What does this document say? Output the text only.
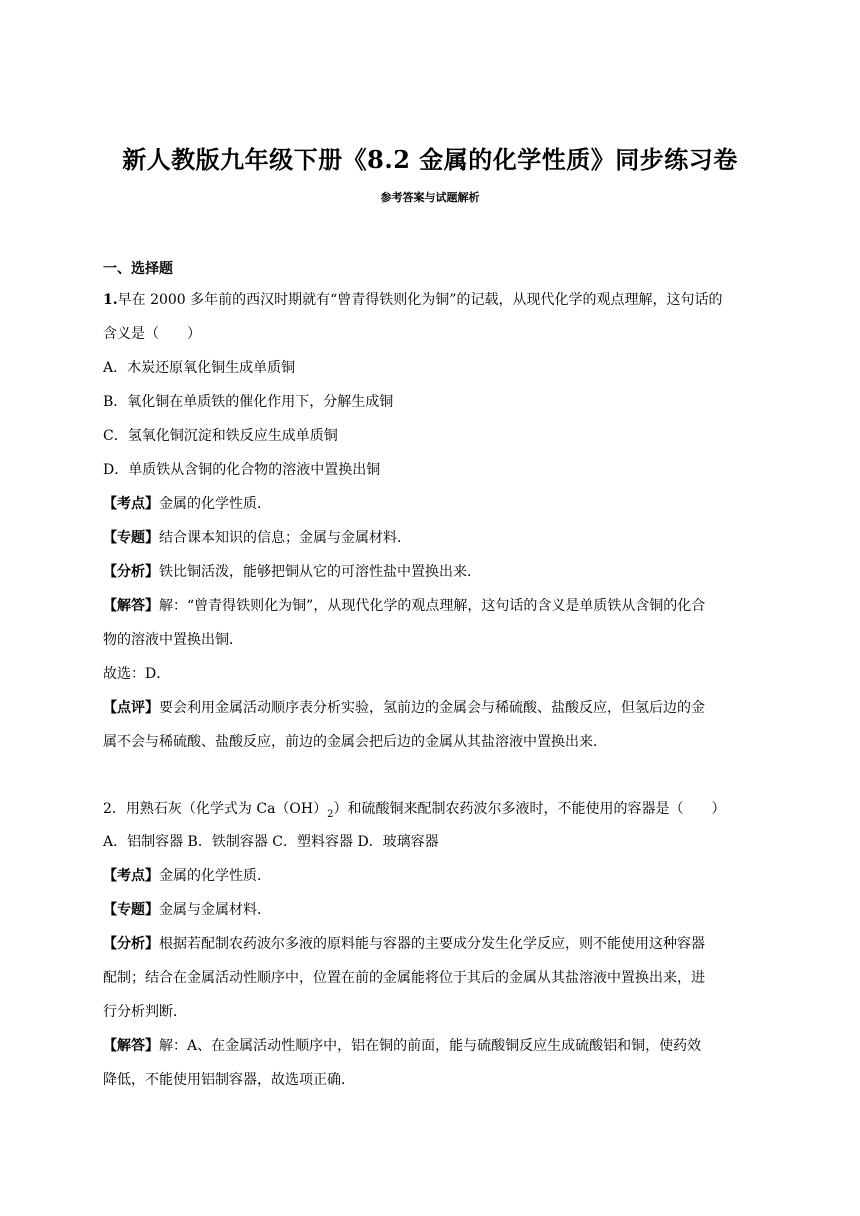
新人教版九年级下册《8.2 金属的化学性质》同步练习卷
参考答案与试题解析
一、选择题
1.早在 2000 多年前的西汉时期就有“曾青得铁则化为铜”的记载，从现代化学的观点理解，这句话的
含义是（　　）
A．木炭还原氧化铜生成单质铜
B．氧化铜在单质铁的催化作用下，分解生成铜
C．氢氧化铜沉淀和铁反应生成单质铜
D．单质铁从含铜的化合物的溶液中置换出铜
【考点】金属的化学性质．
【专题】结合课本知识的信息；金属与金属材料．
【分析】铁比铜活泼，能够把铜从它的可溶性盐中置换出来．
【解答】解：“曾青得铁则化为铜”，从现代化学的观点理解，这句话的含义是单质铁从含铜的化合
物的溶液中置换出铜．
故选：D．
【点评】要会利用金属活动顺序表分析实验，氢前边的金属会与稀硫酸、盐酸反应，但氢后边的金
属不会与稀硫酸、盐酸反应，前边的金属会把后边的金属从其盐溶液中置换出来．
2．用熟石灰（化学式为 $Ca(OH)_2$）和硫酸铜来配制农药波尔多液时，不能使用的容器是（　　）
A．铝制容器 B．铁制容器 C．塑料容器 D．玻璃容器
【考点】金属的化学性质．
【专题】金属与金属材料．
【分析】根据若配制农药波尔多液的原料能与容器的主要成分发生化学反应，则不能使用这种容器
配制；结合在金属活动性顺序中，位置在前的金属能将位于其后的金属从其盐溶液中置换出来，进
行分析判断．
【解答】解：A、在金属活动性顺序中，铝在铜的前面，能与硫酸铜反应生成硫酸铝和铜，使药效
降低，不能使用铝制容器，故选项正确．
